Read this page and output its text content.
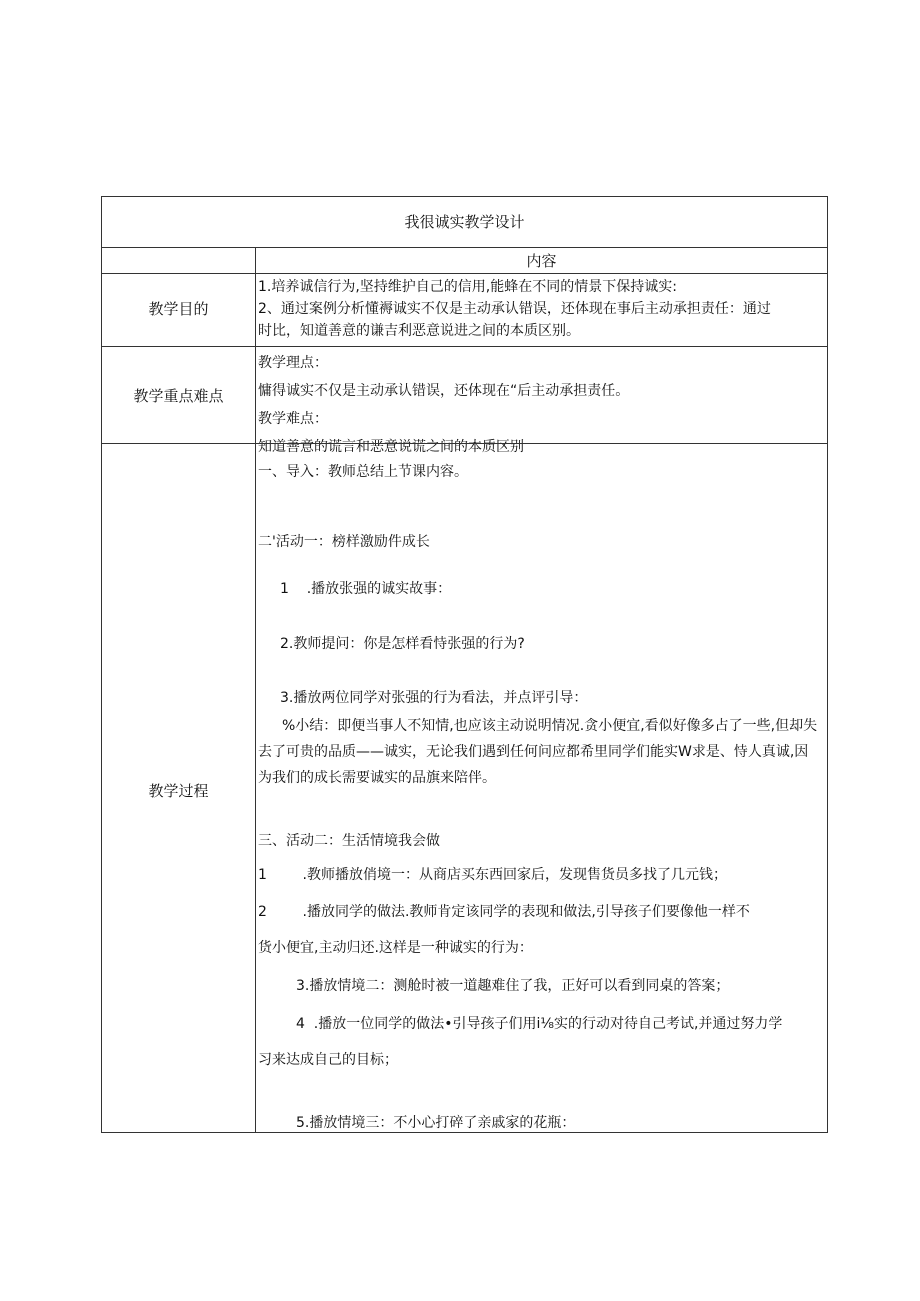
我很诚实教学设计
内容
教学目的
1.培养诚信行为,坚持维护自己的信用,能蜂在不同的情景下保持诚实:
2、通过案例分析懂褥诚实不仅是主动承认错误，还体现在事后主动承担责任：通过
时比，知道善意的谦吉利恶意说进之间的本质区别。
教学重点难点
教学理点：
慵得诚实不仅是主动承认错误，还体现在“后主动承担责任。
教学难点：
知道善意的谎言和恶意说谎之间的本质区别
教学过程
一、导入：教师总结上节课内容。
二'活动一：榜样激励件成长
1    .播放张强的诚实故事：
2.教师提问：你是怎样看恃张强的行为?
3.播放两位同学对张强的行为看法，并点评引导：
%小结：即便当事人不知情,也应该主动说明情况.贪小便宜,看似好像多占了一些,但却失去了可贵的品质——诚实，无论我们遇到任何问应都希里同学们能实W求是、恃人真诚,因为我们的成长需要诚实的品旗来陪伴。
三、活动二：生活情境我会做
1        .教师播放俏境一：从商店买东西回家后，发现售货员多找了几元钱；
2        .播放同学的做法.教师肯定该同学的表现和做法,引导孩子们要像他一样不
货小便宜,主动归还.这样是一种诚实的行为：
3.播放情境二：测舱时被一道趣难住了我，正好可以看到同桌的答案；
4  .播放一位同学的做法•引导孩子们用i⅛实的行动对待自己考试,并通过努力学
习来达成自己的目标；
5.播放情境三：不小心打碎了亲戚家的花瓶：
